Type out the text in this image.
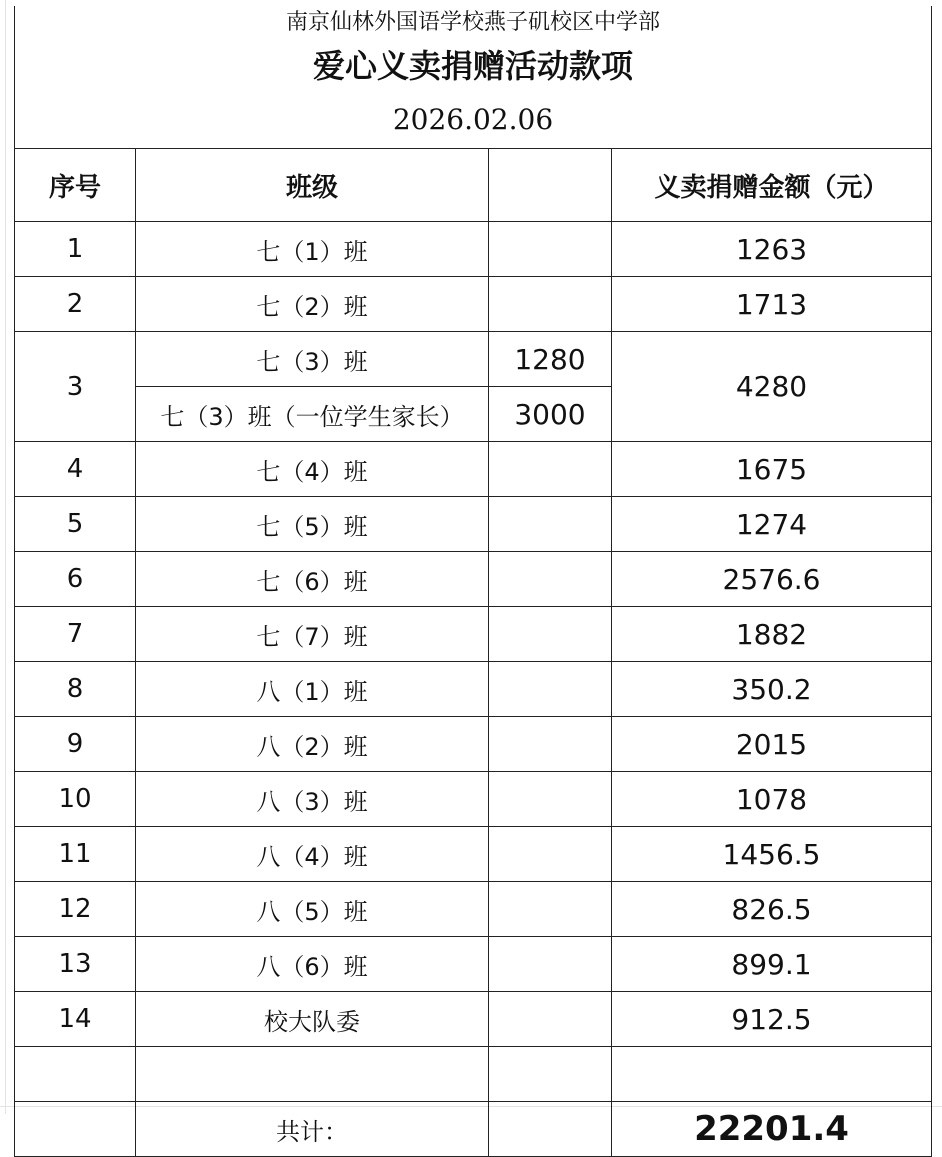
南京仙林外国语学校燕子矶校区中学部			
爱心义卖捐赠活动款项			
2026.02.06			
序号	班级		义卖捐赠金额（元）
1	七（1）班		1263
2	七（2）班		1713
3	七（3）班	1280	4280
	七（3）班（一位学生家长）	3000	
4	七（4）班		1675
5	七（5）班		1274
6	七（6）班		2576.6
7	七（7）班		1882
8	八（1）班		350.2
9	八（2）班		2015
10	八（3）班		1078
11	八（4）班		1456.5
12	八（5）班		826.5
13	八（6）班		899.1
14	校大队委		912.5

	共计：		22201.4
